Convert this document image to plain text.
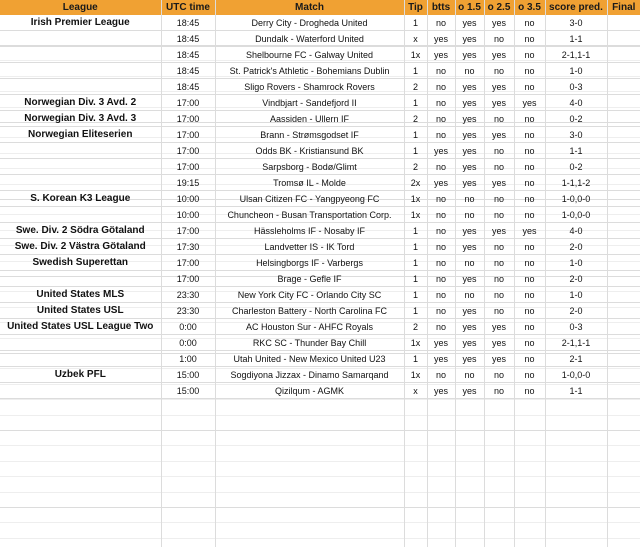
League	UTC time	Match	Tip	btts	o 1.5	o 2.5	o 3.5	score pred.	Final
Irish Premier League	18:45	Derry City - Drogheda United	1	no	yes	yes	no	3-0	
	18:45	Dundalk - Waterford United	x	yes	yes	no	no	1-1	
	18:45	Shelbourne FC - Galway United	1x	yes	yes	yes	no	2-1,1-1	
	18:45	St. Patrick's Athletic - Bohemians Dublin	1	no	no	no	no	1-0	
	18:45	Sligo Rovers - Shamrock Rovers	2	no	yes	yes	no	0-3	
Norwegian Div. 3 Avd. 2	17:00	Vindbjart - Sandefjord II	1	no	yes	yes	yes	4-0	
Norwegian Div. 3 Avd. 3	17:00	Aassiden - Ullern IF	2	no	yes	no	no	0-2	
Norwegian Eliteserien	17:00	Brann - Strømsgodset IF	1	no	yes	yes	no	3-0	
	17:00	Odds BK - Kristiansund BK	1	yes	yes	no	no	1-1	
	17:00	Sarpsborg - Bodø/Glimt	2	no	yes	no	no	0-2	
	19:15	Tromsø IL - Molde	2x	yes	yes	yes	no	1-1,1-2	
S. Korean K3 League	10:00	Ulsan Citizen FC - Yangpyeong FC	1x	no	no	no	no	1-0,0-0	
	10:00	Chuncheon - Busan Transportation Corp.	1x	no	no	no	no	1-0,0-0	
Swe. Div. 2 Södra Götaland	17:00	Hässleholms IF - Nosaby IF	1	no	yes	yes	yes	4-0	
Swe. Div. 2 Västra Götaland	17:30	Landvetter IS - IK Tord	1	no	yes	no	no	2-0	
Swedish Superettan	17:00	Helsingborgs IF - Varbergs	1	no	no	no	no	1-0	
	17:00	Brage - Gefle IF	1	no	yes	no	no	2-0	
United States MLS	23:30	New York City FC - Orlando City SC	1	no	no	no	no	1-0	
United States USL	23:30	Charleston Battery - North Carolina FC	1	no	yes	no	no	2-0	
United States USL League Two	0:00	AC Houston Sur - AHFC Royals	2	no	yes	yes	no	0-3	
	0:00	RKC SC - Thunder Bay Chill	1x	yes	yes	yes	no	2-1,1-1	
	1:00	Utah United - New Mexico United U23	1	yes	yes	yes	no	2-1	
Uzbek PFL	15:00	Sogdiyona Jizzax - Dinamo Samarqand	1x	no	no	no	no	1-0,0-0	
	15:00	Qizilqum - AGMK	x	yes	yes	no	no	1-1	
